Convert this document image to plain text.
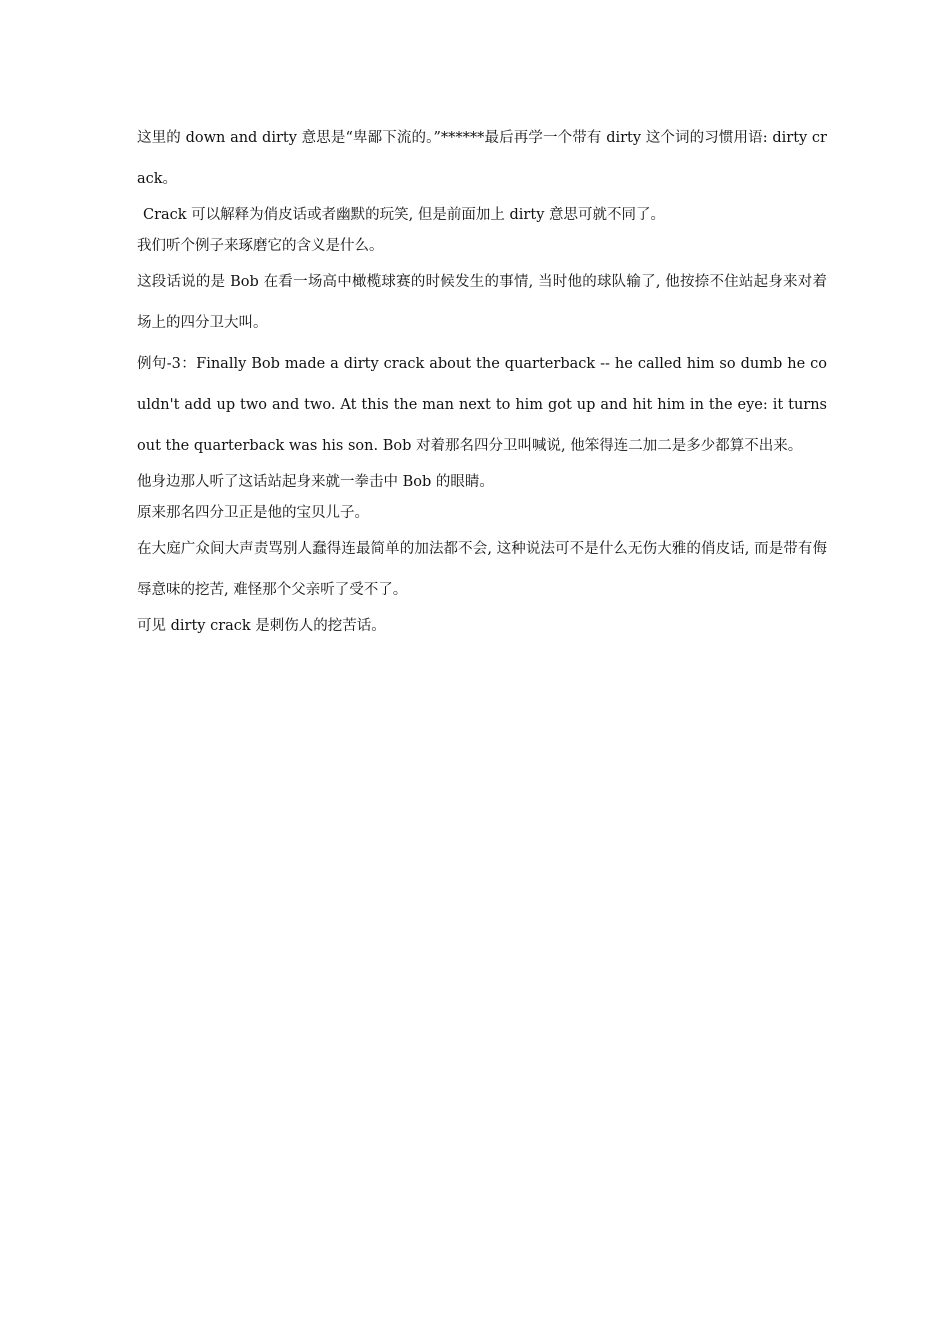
这里的 down and dirty 意思是“卑鄙下流的。”******最后再学一个带有 dirty 这个词的习惯用语: dirty crack。

Crack 可以解释为俏皮话或者幽默的玩笑, 但是前面加上 dirty 意思可就不同了。

我们听个例子来琢磨它的含义是什么。

这段话说的是 Bob 在看一场高中橄榄球赛的时候发生的事情, 当时他的球队输了, 他按捺不住站起身来对着场上的四分卫大叫。

例句-3：Finally Bob made a dirty crack about the quarterback -- he called him so dumb he couldn't add up two and two. At this the man next to him got up and hit him in the eye: it turns out the quarterback was his son. Bob 对着那名四分卫叫喊说, 他笨得连二加二是多少都算不出来。

他身边那人听了这话站起身来就一拳击中 Bob 的眼睛。

原来那名四分卫正是他的宝贝儿子。

在大庭广众间大声责骂别人蠢得连最简单的加法都不会, 这种说法可不是什么无伤大雅的俏皮话, 而是带有侮辱意味的挖苦, 难怪那个父亲听了受不了。

可见 dirty crack 是刺伤人的挖苦话。
